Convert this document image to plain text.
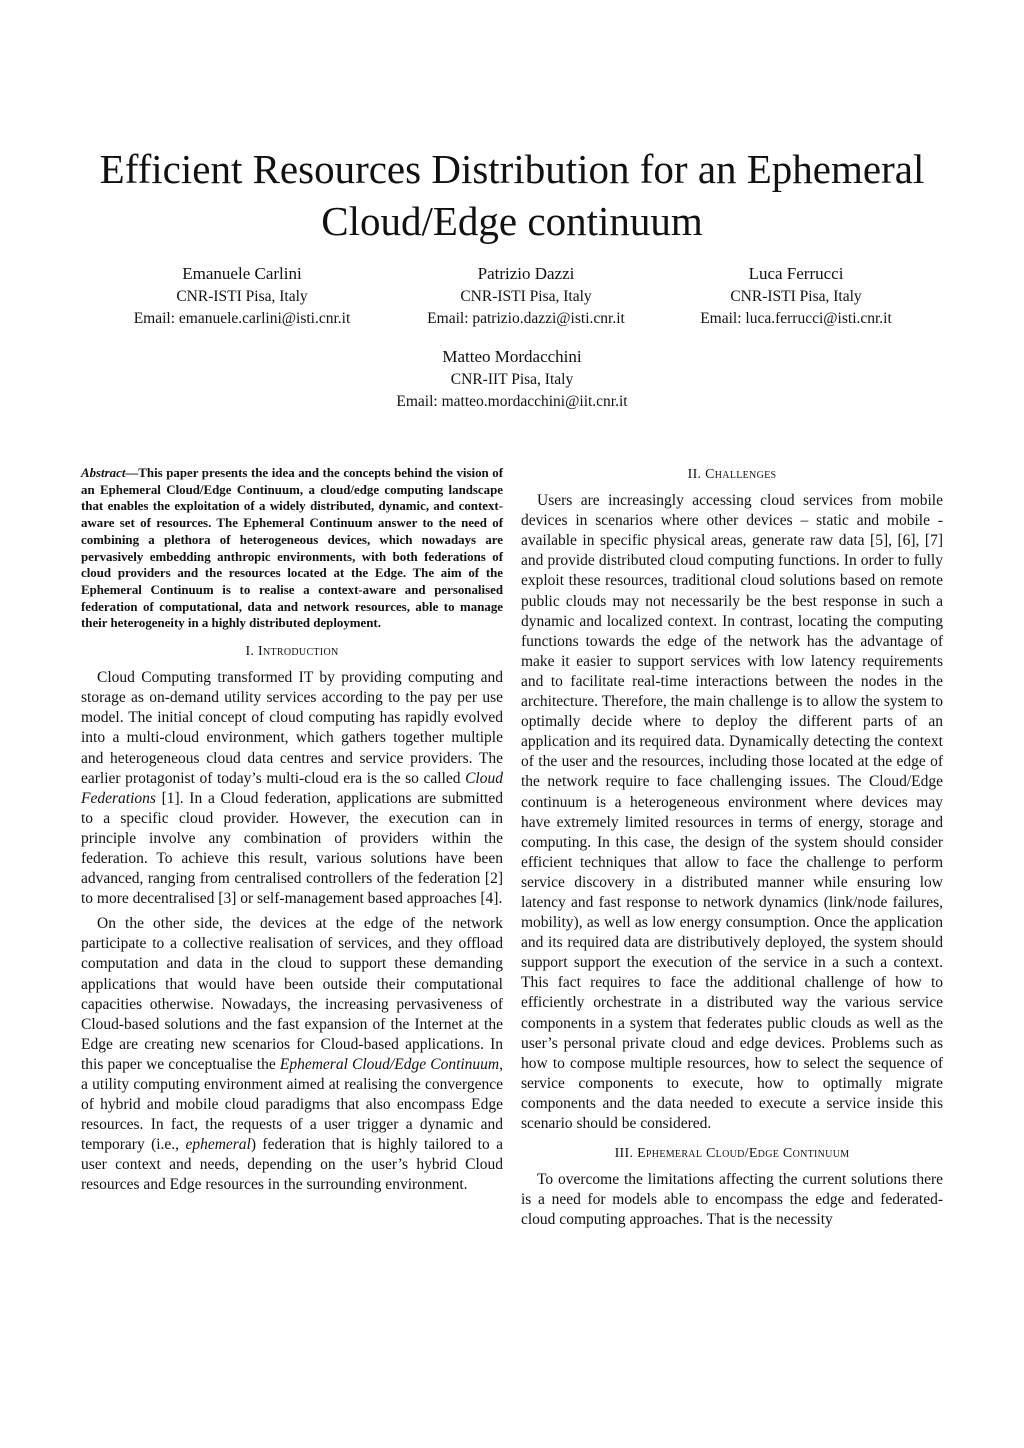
Efficient Resources Distribution for an Ephemeral Cloud/Edge continuum
Emanuele Carlini
CNR-ISTI Pisa, Italy
Email: emanuele.carlini@isti.cnr.it
Patrizio Dazzi
CNR-ISTI Pisa, Italy
Email: patrizio.dazzi@isti.cnr.it
Luca Ferrucci
CNR-ISTI Pisa, Italy
Email: luca.ferrucci@isti.cnr.it
Matteo Mordacchini
CNR-IIT Pisa, Italy
Email: matteo.mordacchini@iit.cnr.it

Abstract—This paper presents the idea and the concepts behind the vision of an Ephemeral Cloud/Edge Continuum, a cloud/edge computing landscape that enables the exploitation of a widely distributed, dynamic, and context-aware set of resources. The Ephemeral Continuum answer to the need of combining a plethora of heterogeneous devices, which nowadays are pervasively embedding anthropic environments, with both federations of cloud providers and the resources located at the Edge. The aim of the Ephemeral Continuum is to realise a context-aware and personalised federation of computational, data and network resources, able to manage their heterogeneity in a highly distributed deployment.

I. Introduction

Cloud Computing transformed IT by providing computing and storage as on-demand utility services according to the pay per use model. The initial concept of cloud computing has rapidly evolved into a multi-cloud environment, which gathers together multiple and heterogeneous cloud data centres and service providers. The earlier protagonist of today’s multi-cloud era is the so called Cloud Federations [1]. In a Cloud federation, applications are submitted to a specific cloud provider. However, the execution can in principle involve any combination of providers within the federation. To achieve this result, various solutions have been advanced, ranging from centralised controllers of the federation [2] to more decentralised [3] or self-management based approaches [4].

On the other side, the devices at the edge of the network participate to a collective realisation of services, and they offload computation and data in the cloud to support these demanding applications that would have been outside their computational capacities otherwise. Nowadays, the increasing pervasiveness of Cloud-based solutions and the fast expansion of the Internet at the Edge are creating new scenarios for Cloud-based applications. In this paper we conceptualise the Ephemeral Cloud/Edge Continuum, a utility computing environment aimed at realising the convergence of hybrid and mobile cloud paradigms that also encompass Edge resources. In fact, the requests of a user trigger a dynamic and temporary (i.e., ephemeral) federation that is highly tailored to a user context and needs, depending on the user’s hybrid Cloud resources and Edge resources in the surrounding environment.

II. Challenges

Users are increasingly accessing cloud services from mobile devices in scenarios where other devices – static and mobile - available in specific physical areas, generate raw data [5], [6], [7] and provide distributed cloud computing functions. In order to fully exploit these resources, traditional cloud solutions based on remote public clouds may not necessarily be the best response in such a dynamic and localized context. In contrast, locating the computing functions towards the edge of the network has the advantage of make it easier to support services with low latency requirements and to facilitate real-time interactions between the nodes in the architecture. Therefore, the main challenge is to allow the system to optimally decide where to deploy the different parts of an application and its required data. Dynamically detecting the context of the user and the resources, including those located at the edge of the network require to face challenging issues. The Cloud/Edge continuum is a heterogeneous environment where devices may have extremely limited resources in terms of energy, storage and computing. In this case, the design of the system should consider efficient techniques that allow to face the challenge to perform service discovery in a distributed manner while ensuring low latency and fast response to network dynamics (link/node failures, mobility), as well as low energy consumption. Once the application and its required data are distributively deployed, the system should support support the execution of the service in a such a context. This fact requires to face the additional challenge of how to efficiently orchestrate in a distributed way the various service components in a system that federates public clouds as well as the user’s personal private cloud and edge devices. Problems such as how to compose multiple resources, how to select the sequence of service components to execute, how to optimally migrate components and the data needed to execute a service inside this scenario should be considered.

III. Ephemeral Cloud/Edge Continuum

To overcome the limitations affecting the current solutions there is a need for models able to encompass the edge and federated-cloud computing approaches. That is the necessity
